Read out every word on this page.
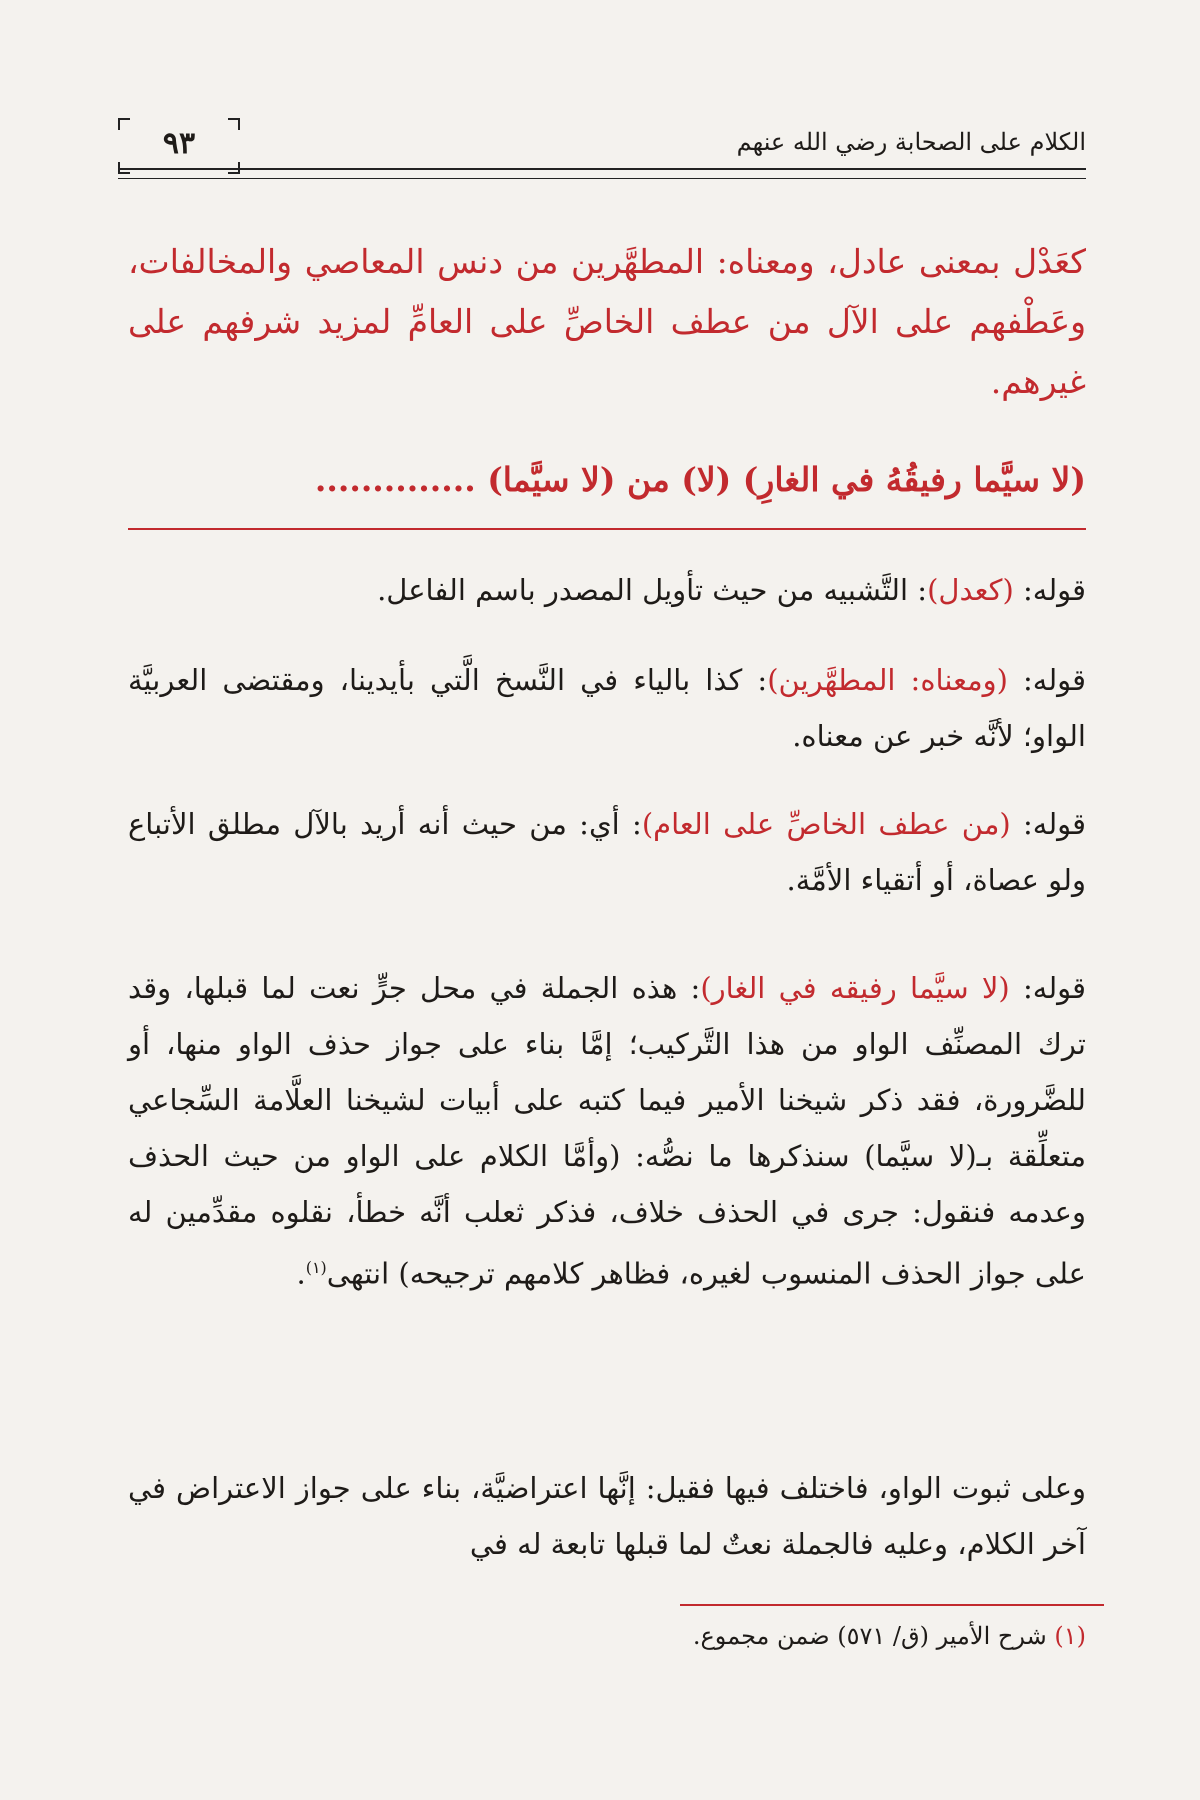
٩٣	الكلام على الصحابة رضي الله عنهم
كعَدْل بمعنى عادل، ومعناه: المطهَّرين من دنس المعاصي والمخالفات، وعَطْفهم على الآل من عطف الخاصِّ على العامِّ لمزيد شرفهم على غيرهم.
(لا سيَّما رفيقُهُ في الغارِ) (لا) من (لا سيَّما) ..............
قوله: (كعدل): التَّشبيه من حيث تأويل المصدر باسم الفاعل.
قوله: (ومعناه: المطهَّرين): كذا بالياء في النَّسخ الَّتي بأيدينا، ومقتضى العربيَّة الواو؛ لأنَّه خبر عن معناه.
قوله: (من عطف الخاصِّ على العام): أي: من حيث أنه أريد بالآل مطلق الأتباع ولو عصاة، أو أتقياء الأمَّة.
قوله: (لا سيَّما رفيقه في الغار): هذه الجملة في محل جرٍّ نعت لما قبلها، وقد ترك المصنِّف الواو من هذا التَّركيب؛ إمَّا بناء على جواز حذف الواو منها، أو للضَّرورة، فقد ذكر شيخنا الأمير فيما كتبه على أبيات لشيخنا العلَّامة السِّجاعي متعلِّقة بـ(لا سيَّما) سنذكرها ما نصُّه: (وأمَّا الكلام على الواو من حيث الحذف وعدمه فنقول: جرى في الحذف خلاف، فذكر ثعلب أنَّه خطأ، نقلوه مقدِّمين له على جواز الحذف المنسوب لغيره، فظاهر كلامهم ترجيحه) انتهى$^{(١)}$.
وعلى ثبوت الواو، فاختلف فيها فقيل: إنَّها اعتراضيَّة، بناء على جواز الاعتراض في آخر الكلام، وعليه فالجملة نعتٌ لما قبلها تابعة له في
(١) شرح الأمير (ق/ ٥٧١) ضمن مجموع.
